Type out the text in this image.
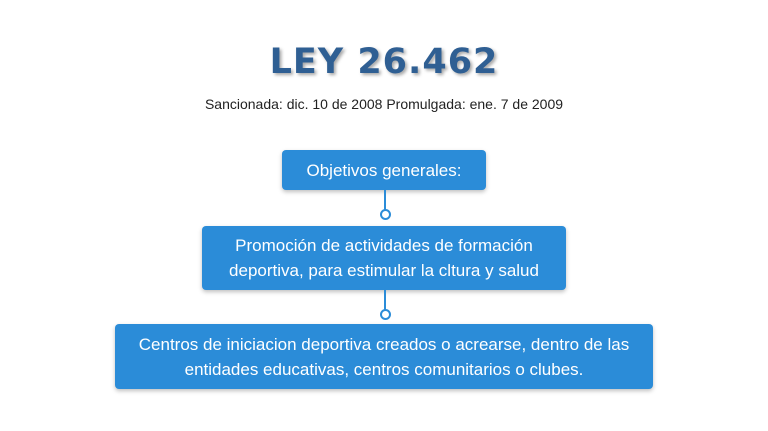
LEY 26.462
Sancionada: dic. 10 de 2008 Promulgada: ene. 7 de 2009
Objetivos generales:
Promoción de actividades de formación deportiva, para estimular la cltura y salud
Centros de iniciacion deportiva creados o acrearse, dentro de las entidades educativas, centros comunitarios o clubes.
